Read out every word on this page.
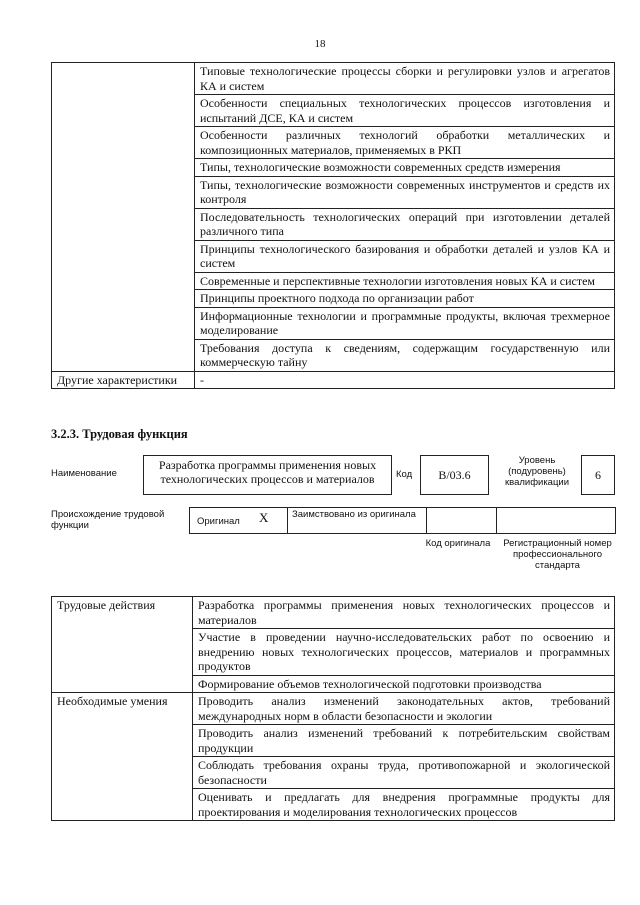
18
	Типовые технологические процессы сборки и регулировки узлов и агрегатов КА и систем
	Особенности специальных технологических процессов изготовления и испытаний ДСЕ, КА и систем
	Особенности различных технологий обработки металлических и композиционных материалов, применяемых в РКП
	Типы, технологические возможности современных средств измерения
	Типы, технологические возможности современных инструментов и средств их контроля
	Последовательность технологических операций при изготовлении деталей различного типа
	Принципы технологического базирования и обработки деталей и узлов КА и систем
	Современные и перспективные технологии изготовления новых КА и систем
	Принципы проектного подхода по организации работ
	Информационные технологии и программные продукты, включая трехмерное моделирование
	Требования доступа к сведениям, содержащим государственную или коммерческую тайну
Другие характеристики	-
3.2.3. Трудовая функция
Наименование
Разработка программы применения новых технологических процессов и материалов	Код	B/03.6
Уровень (подуровень) квалификации
6
Происхождение трудовой функции	Оригинал X Заимствовано из оригинала
Код оригинала	Регистрационный номер профессионального стандарта
Трудовые действия	Разработка программы применения новых технологических процессов и материалов
	Участие в проведении научно-исследовательских работ по освоению и внедрению новых технологических процессов, материалов и программных продуктов
	Формирование объемов технологической подготовки производства
Необходимые умения	Проводить анализ изменений законодательных актов, требований международных норм в области безопасности и экологии
	Проводить анализ изменений требований к потребительским свойствам продукции
	Соблюдать требования охраны труда, противопожарной и экологической безопасности
	Оценивать и предлагать для внедрения программные продукты для проектирования и моделирования технологических процессов
